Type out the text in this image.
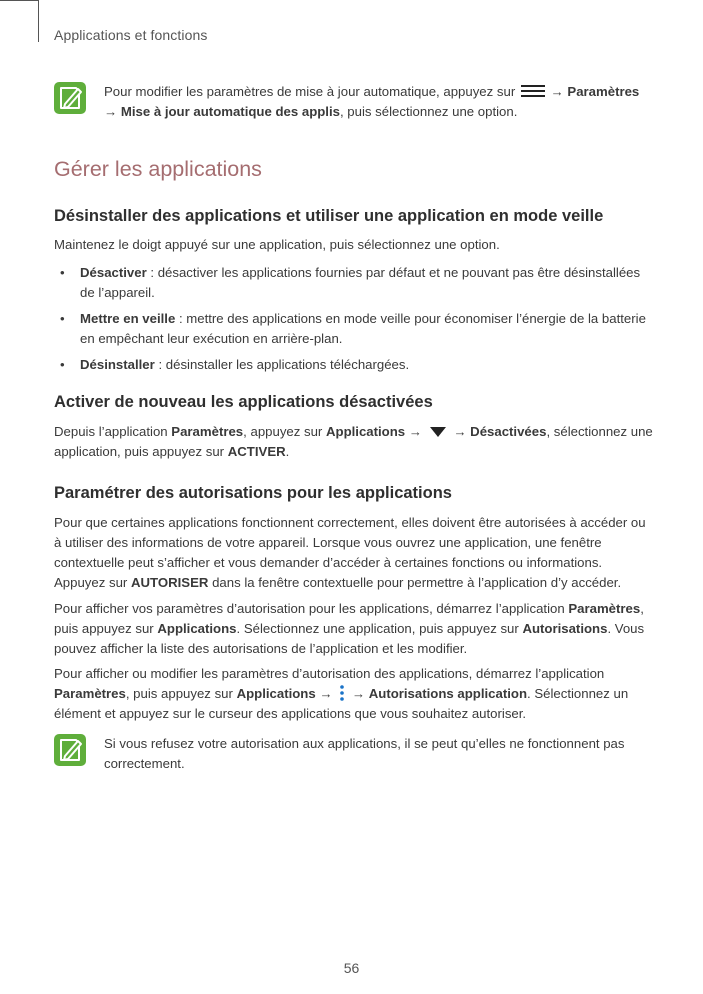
Applications et fonctions
Pour modifier les paramètres de mise à jour automatique, appuyez sur  → Paramètres
→ Mise à jour automatique des applis, puis sélectionnez une option.
Gérer les applications
Désinstaller des applications et utiliser une application en mode veille
Maintenez le doigt appuyé sur une application, puis sélectionnez une option.
• Désactiver : désactiver les applications fournies par défaut et ne pouvant pas être désinstallées de l’appareil.
• Mettre en veille : mettre des applications en mode veille pour économiser l’énergie de la batterie en empêchant leur exécution en arrière-plan.
• Désinstaller : désinstaller les applications téléchargées.
Activer de nouveau les applications désactivées
Depuis l’application Paramètres, appuyez sur Applications →  → Désactivées, sélectionnez une application, puis appuyez sur ACTIVER.
Paramétrer des autorisations pour les applications
Pour que certaines applications fonctionnent correctement, elles doivent être autorisées à accéder ou à utiliser des informations de votre appareil. Lorsque vous ouvrez une application, une fenêtre contextuelle peut s’afficher et vous demander d’accéder à certaines fonctions ou informations. Appuyez sur AUTORISER dans la fenêtre contextuelle pour permettre à l’application d’y accéder.
Pour afficher vos paramètres d’autorisation pour les applications, démarrez l’application Paramètres, puis appuyez sur Applications. Sélectionnez une application, puis appuyez sur Autorisations. Vous pouvez afficher la liste des autorisations de l’application et les modifier.
Pour afficher ou modifier les paramètres d’autorisation des applications, démarrez l’application Paramètres, puis appuyez sur Applications →  → Autorisations application. Sélectionnez un élément et appuyez sur le curseur des applications que vous souhaitez autoriser.
Si vous refusez votre autorisation aux applications, il se peut qu’elles ne fonctionnent pas correctement.
56
